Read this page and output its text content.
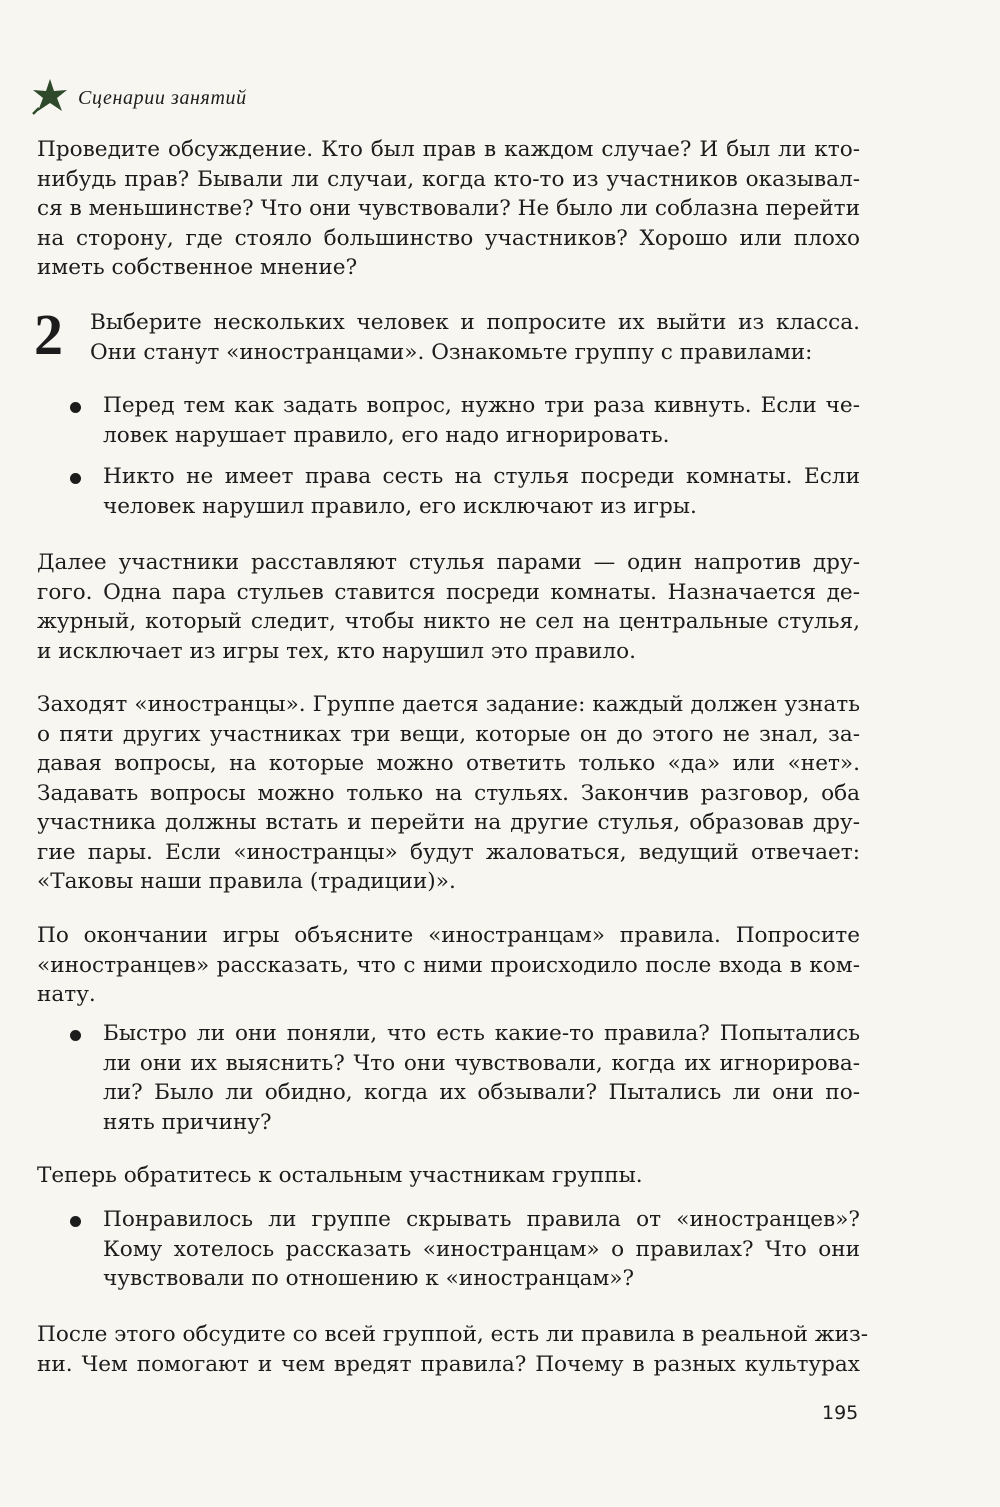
Сценарии занятий
Проведите обсуждение. Кто был прав в каждом случае? И был ли кто-
нибудь прав? Бывали ли случаи, когда кто-то из участников оказывал-
ся в меньшинстве? Что они чувствовали? Не было ли соблазна перейти
на сторону, где стояло большинство участников? Хорошо или плохо
иметь собственное мнение?
2 Выберите нескольких человек и попросите их выйти из класса.
Они станут «иностранцами». Ознакомьте группу с правилами:
Перед тем как задать вопрос, нужно три раза кивнуть. Если че-
ловек нарушает правило, его надо игнорировать.
Никто не имеет права сесть на стулья посреди комнаты. Если
человек нарушил правило, его исключают из игры.
Далее участники расставляют стулья парами — один напротив дру-
гого. Одна пара стульев ставится посреди комнаты. Назначается де-
журный, который следит, чтобы никто не сел на центральные стулья,
и исключает из игры тех, кто нарушил это правило.
Заходят «иностранцы». Группе дается задание: каждый должен узнать
о пяти других участниках три вещи, которые он до этого не знал, за-
давая вопросы, на которые можно ответить только «да» или «нет».
Задавать вопросы можно только на стульях. Закончив разговор, оба
участника должны встать и перейти на другие стулья, образовав дру-
гие пары. Если «иностранцы» будут жаловаться, ведущий отвечает:
«Таковы наши правила (традиции)».
По окончании игры объясните «иностранцам» правила. Попросите
«иностранцев» рассказать, что с ними происходило после входа в ком-
нату.
Быстро ли они поняли, что есть какие-то правила? Попытались
ли они их выяснить? Что они чувствовали, когда их игнорирова-
ли? Было ли обидно, когда их обзывали? Пытались ли они по-
нять причину?
Теперь обратитесь к остальным участникам группы.
Понравилось ли группе скрывать правила от «иностранцев»?
Кому хотелось рассказать «иностранцам» о правилах? Что они
чувствовали по отношению к «иностранцам»?
После этого обсудите со всей группой, есть ли правила в реальной жиз-
ни. Чем помогают и чем вредят правила? Почему в разных культурах
195
